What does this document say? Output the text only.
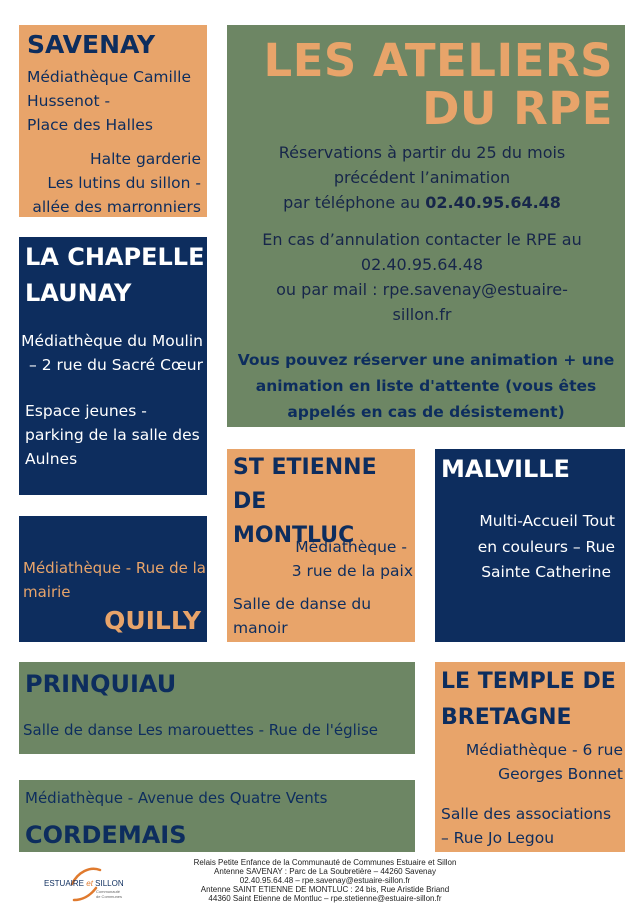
SAVENAY
Médiathèque Camille
Hussenot -
Place des Halles
Halte garderie
Les lutins du sillon -
allée des marronniers
LES ATELIERS
DU RPE
Réservations à partir du 25 du mois
précédent l’animation
par téléphone au 02.40.95.64.48
En cas d’annulation contacter le RPE au
02.40.95.64.48
ou par mail : rpe.savenay@estuaire-
sillon.fr
Vous pouvez réserver une animation + une
animation en liste d'attente (vous êtes
appelés en cas de désistement)
LA CHAPELLE
LAUNAY
Médiathèque du Moulin
– 2 rue du Sacré Cœur
Espace jeunes -
parking de la salle des
Aulnes
Médiathèque - Rue de la
mairie
QUILLY
ST ETIENNE DE
MONTLUC
Médiathèque -
3 rue de la paix
Salle de danse du
manoir
MALVILLE
Multi-Accueil Tout
en couleurs – Rue
Sainte Catherine
PRINQUIAU
Salle de danse Les marouettes - Rue de l'église
LE TEMPLE DE
BRETAGNE
Médiathèque - 6 rue
Georges Bonnet
Salle des associations
– Rue Jo Legou
Médiathèque - Avenue des Quatre Vents
CORDEMAIS
ESTUAIRE et SILLON
Communauté
de Communes
Relais Petite Enfance de la Communauté de Communes Estuaire et Sillon
Antenne SAVENAY : Parc de La Soubretière – 44260 Savenay
02.40.95.64.48 – rpe.savenay@estuaire-sillon.fr
Antenne SAINT ETIENNE DE MONTLUC : 24 bis, Rue Aristide Briand
44360 Saint Etienne de Montluc – rpe.stetienne@estuaire-sillon.fr
